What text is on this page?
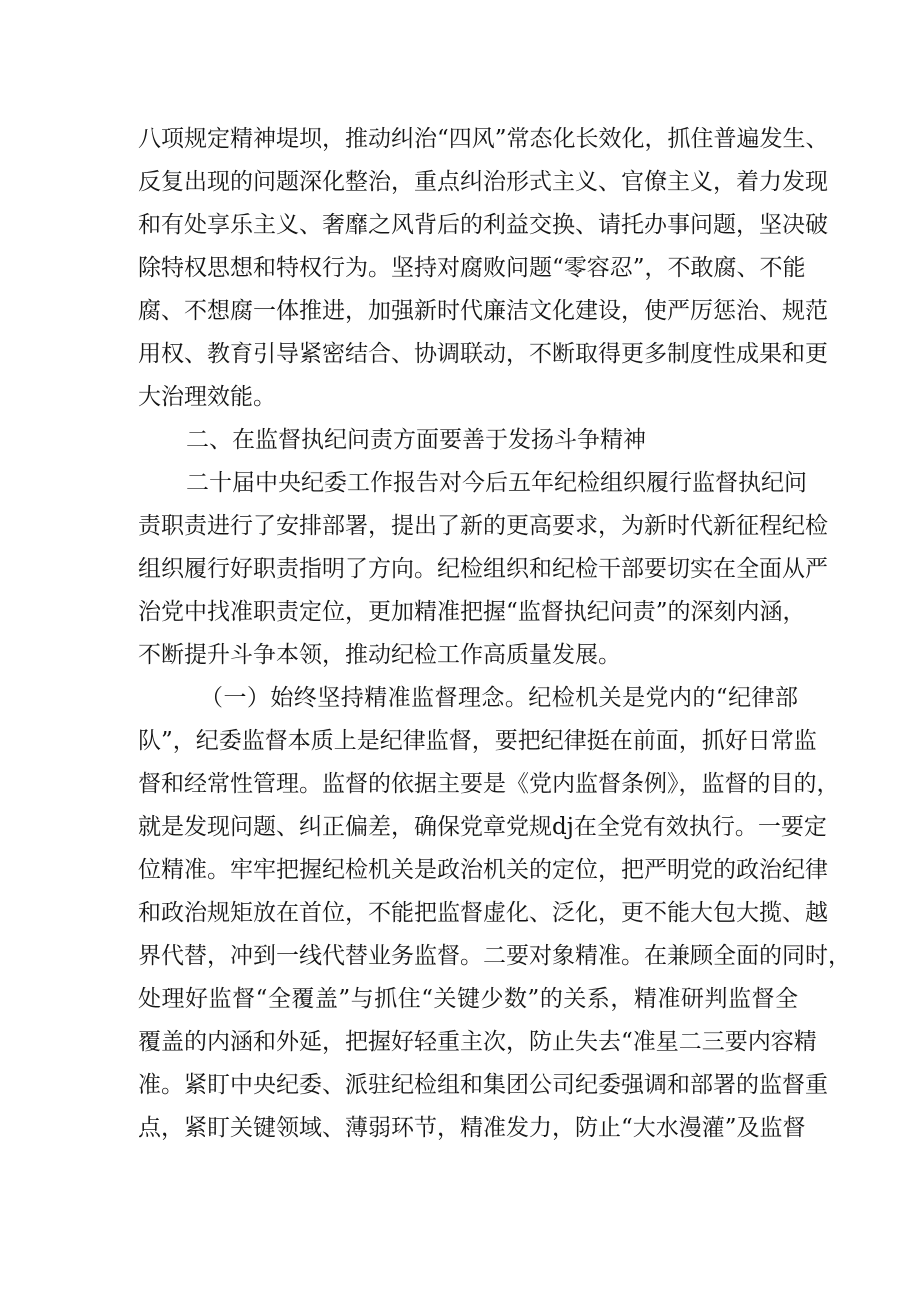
八项规定精神堤坝，推动纠治“四风”常态化长效化，抓住普遍发生、
反复出现的问题深化整治，重点纠治形式主义、官僚主义，着力发现
和有处享乐主义、奢靡之风背后的利益交换、请托办事问题，坚决破
除特权思想和特权行为。坚持对腐败问题“零容忍”，不敢腐、不能
腐、不想腐一体推进，加强新时代廉洁文化建设，使严厉惩治、规范
用权、教育引导紧密结合、协调联动，不断取得更多制度性成果和更
大治理效能。
二、在监督执纪问责方面要善于发扬斗争精神
二十届中央纪委工作报告对今后五年纪检组织履行监督执纪问
责职责进行了安排部署，提出了新的更高要求，为新时代新征程纪检
组织履行好职责指明了方向。纪检组织和纪检干部要切实在全面从严
治党中找准职责定位，更加精准把握“监督执纪问责”的深刻内涵，
不断提升斗争本领，推动纪检工作高质量发展。
（一）始终坚持精准监督理念。纪检机关是党内的“纪律部
队”，纪委监督本质上是纪律监督，要把纪律挺在前面，抓好日常监
督和经常性管理。监督的依据主要是《党内监督条例》，监督的目的，
就是发现问题、纠正偏差，确保党章党规dj在全党有效执行。一要定
位精准。牢牢把握纪检机关是政治机关的定位，把严明党的政治纪律
和政治规矩放在首位，不能把监督虚化、泛化，更不能大包大揽、越
界代替，冲到一线代替业务监督。二要对象精准。在兼顾全面的同时，
处理好监督“全覆盖”与抓住“关键少数”的关系，精准研判监督全
覆盖的内涵和外延，把握好轻重主次，防止失去“准星二三要内容精
准。紧盯中央纪委、派驻纪检组和集团公司纪委强调和部署的监督重
点，紧盯关键领域、薄弱环节，精准发力，防止“大水漫灌”及监督
